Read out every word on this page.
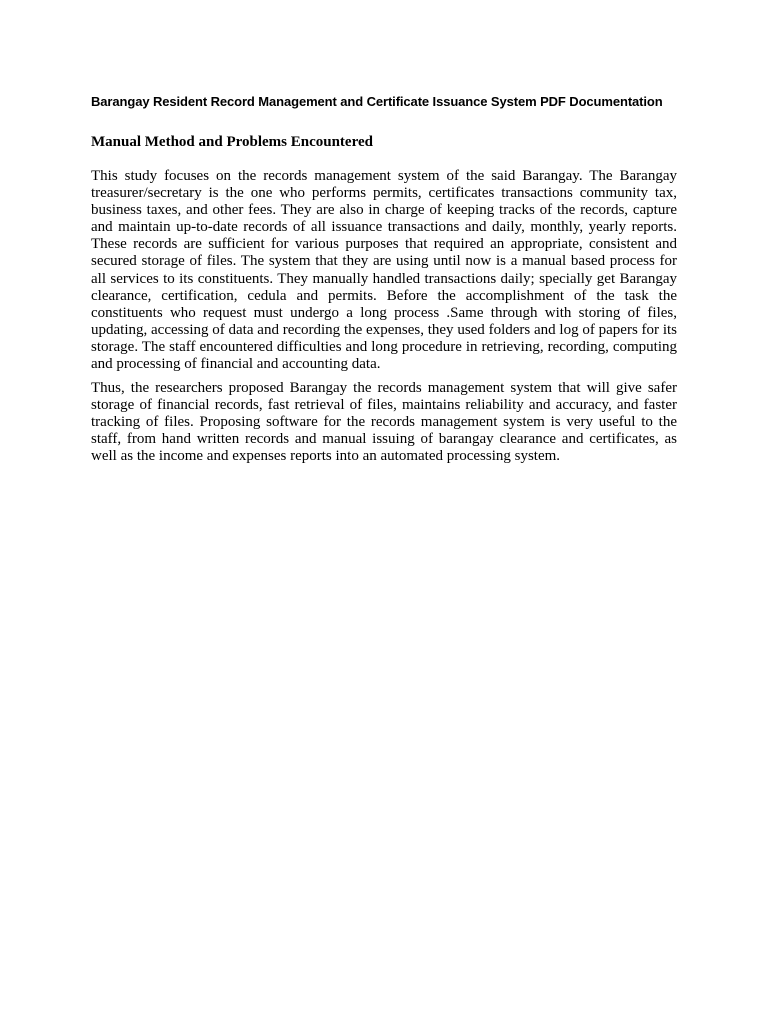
Barangay Resident Record Management and Certificate Issuance System PDF Documentation
Manual Method and Problems Encountered

This study focuses on the records management system of the said Barangay. The Barangay treasurer/secretary is the one who performs permits, certificates transactions community tax, business taxes, and other fees. They are also in charge of keeping tracks of the records, capture and maintain up-to-date records of all issuance transactions and daily, monthly, yearly reports. These records are sufficient for various purposes that required an appropriate, consistent and secured storage of files. The system that they are using until now is a manual based process for all services to its constituents. They manually handled transactions daily; specially get Barangay clearance, certification, cedula and permits. Before the accomplishment of the task the constituents who request must undergo a long process .Same through with storing of files, updating, accessing of data and recording the expenses, they used folders and log of papers for its storage. The staff encountered difficulties and long procedure in retrieving, recording, computing and processing of financial and accounting data.

Thus, the researchers proposed Barangay the records management system that will give safer storage of financial records, fast retrieval of files, maintains reliability and accuracy, and faster tracking of files. Proposing software for the records management system is very useful to the staff, from hand written records and manual issuing of barangay clearance and certificates, as well as the income and expenses reports into an automated processing system.
